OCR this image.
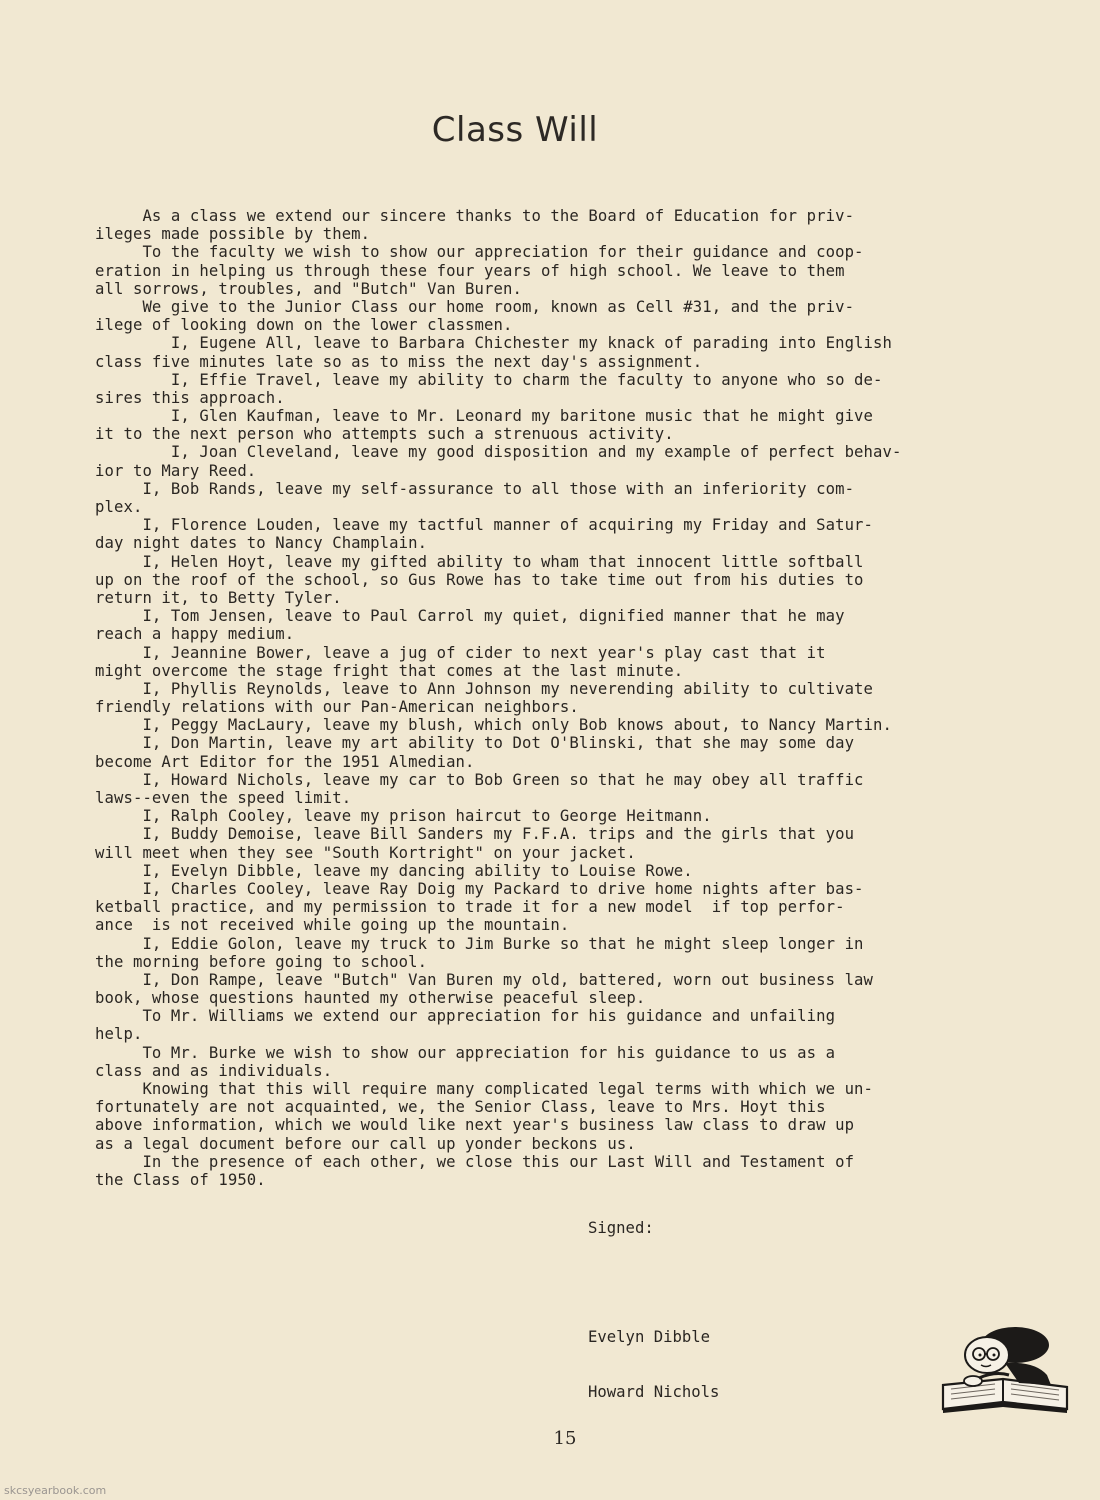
Class Will
As a class we extend our sincere thanks to the Board of Education for priv-
ileges made possible by them.
To the faculty we wish to show our appreciation for their guidance and coop-
eration in helping us through these four years of high school. We leave to them
all sorrows, troubles, and "Butch" Van Buren.
We give to the Junior Class our home room, known as Cell #31, and the priv-
ilege of looking down on the lower classmen.
I, Eugene All, leave to Barbara Chichester my knack of parading into English
class five minutes late so as to miss the next day's assignment.
I, Effie Travel, leave my ability to charm the faculty to anyone who so de-
sires this approach.
I, Glen Kaufman, leave to Mr. Leonard my baritone music that he might give
it to the next person who attempts such a strenuous activity.
I, Joan Cleveland, leave my good disposition and my example of perfect behav-
ior to Mary Reed.
I, Bob Rands, leave my self-assurance to all those with an inferiority com-
plex.
I, Florence Louden, leave my tactful manner of acquiring my Friday and Satur-
day night dates to Nancy Champlain.
I, Helen Hoyt, leave my gifted ability to wham that innocent little softball
up on the roof of the school, so Gus Rowe has to take time out from his duties to
return it, to Betty Tyler.
I, Tom Jensen, leave to Paul Carrol my quiet, dignified manner that he may
reach a happy medium.
I, Jeannine Bower, leave a jug of cider to next year's play cast that it
might overcome the stage fright that comes at the last minute.
I, Phyllis Reynolds, leave to Ann Johnson my neverending ability to cultivate
friendly relations with our Pan-American neighbors.
I, Peggy MacLaury, leave my blush, which only Bob knows about, to Nancy Martin.
I, Don Martin, leave my art ability to Dot O'Blinski, that she may some day
become Art Editor for the 1951 Almedian.
I, Howard Nichols, leave my car to Bob Green so that he may obey all traffic
laws--even the speed limit.
I, Ralph Cooley, leave my prison haircut to George Heitmann.
I, Buddy Demoise, leave Bill Sanders my F.F.A. trips and the girls that you
will meet when they see "South Kortright" on your jacket.
I, Evelyn Dibble, leave my dancing ability to Louise Rowe.
I, Charles Cooley, leave Ray Doig my Packard to drive home nights after bas-
ketball practice, and my permission to trade it for a new model  if top perfor-
ance  is not received while going up the mountain.
I, Eddie Golon, leave my truck to Jim Burke so that he might sleep longer in
the morning before going to school.
I, Don Rampe, leave "Butch" Van Buren my old, battered, worn out business law
book, whose questions haunted my otherwise peaceful sleep.
To Mr. Williams we extend our appreciation for his guidance and unfailing
help.
To Mr. Burke we wish to show our appreciation for his guidance to us as a
class and as individuals.
Knowing that this will require many complicated legal terms with which we un-
fortunately are not acquainted, we, the Senior Class, leave to Mrs. Hoyt this
above information, which we would like next year's business law class to draw up
as a legal document before our call up yonder beckons us.
In the presence of each other, we close this our Last Will and Testament of
the Class of 1950.

Signed:

Evelyn Dibble

Howard Nichols

15
skcsyearbook.com
